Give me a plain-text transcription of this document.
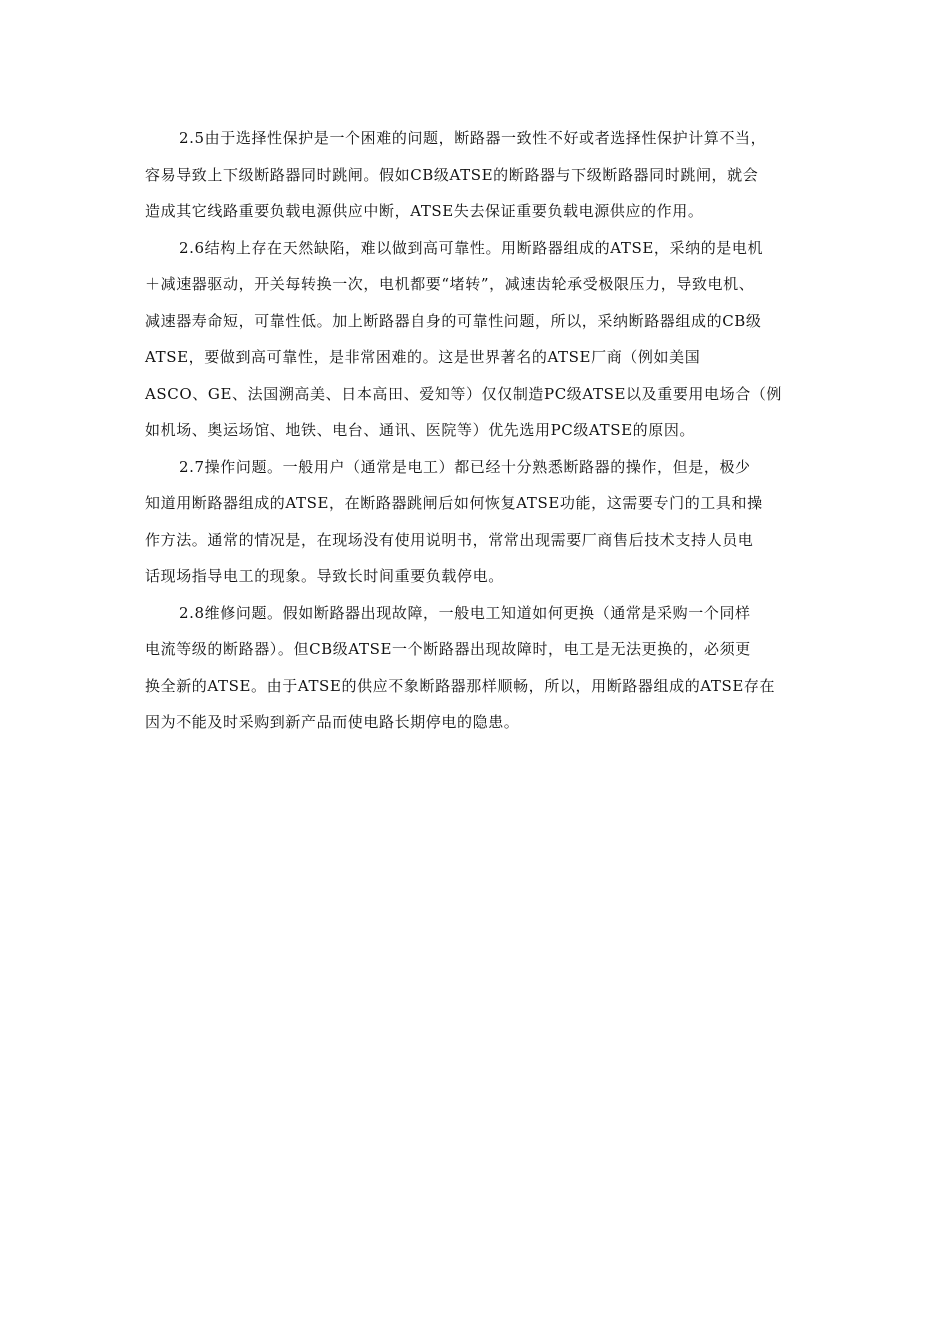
2.5由于选择性保护是一个困难的问题，断路器一致性不好或者选择性保护计算不当，
容易导致上下级断路器同时跳闸。假如CB级ATSE的断路器与下级断路器同时跳闸，就会
造成其它线路重要负载电源供应中断，ATSE失去保证重要负载电源供应的作用。
2.6结构上存在天然缺陷，难以做到高可靠性。用断路器组成的ATSE，采纳的是电机
＋减速器驱动，开关每转换一次，电机都要“堵转”，减速齿轮承受极限压力，导致电机、
减速器寿命短，可靠性低。加上断路器自身的可靠性问题，所以，采纳断路器组成的CB级
ATSE，要做到高可靠性，是非常困难的。这是世界著名的ATSE厂商（例如美国
ASCO、GE、法国溯高美、日本高田、爱知等）仅仅制造PC级ATSE以及重要用电场合（例
如机场、奥运场馆、地铁、电台、通讯、医院等）优先选用PC级ATSE的原因。
2.7操作问题。一般用户（通常是电工）都已经十分熟悉断路器的操作，但是，极少
知道用断路器组成的ATSE，在断路器跳闸后如何恢复ATSE功能，这需要专门的工具和操
作方法。通常的情况是，在现场没有使用说明书，常常出现需要厂商售后技术支持人员电
话现场指导电工的现象。导致长时间重要负载停电。
2.8维修问题。假如断路器出现故障，一般电工知道如何更换（通常是采购一个同样
电流等级的断路器）。但CB级ATSE一个断路器出现故障时，电工是无法更换的，必须更
换全新的ATSE。由于ATSE的供应不象断路器那样顺畅，所以，用断路器组成的ATSE存在
因为不能及时采购到新产品而使电路长期停电的隐患。
